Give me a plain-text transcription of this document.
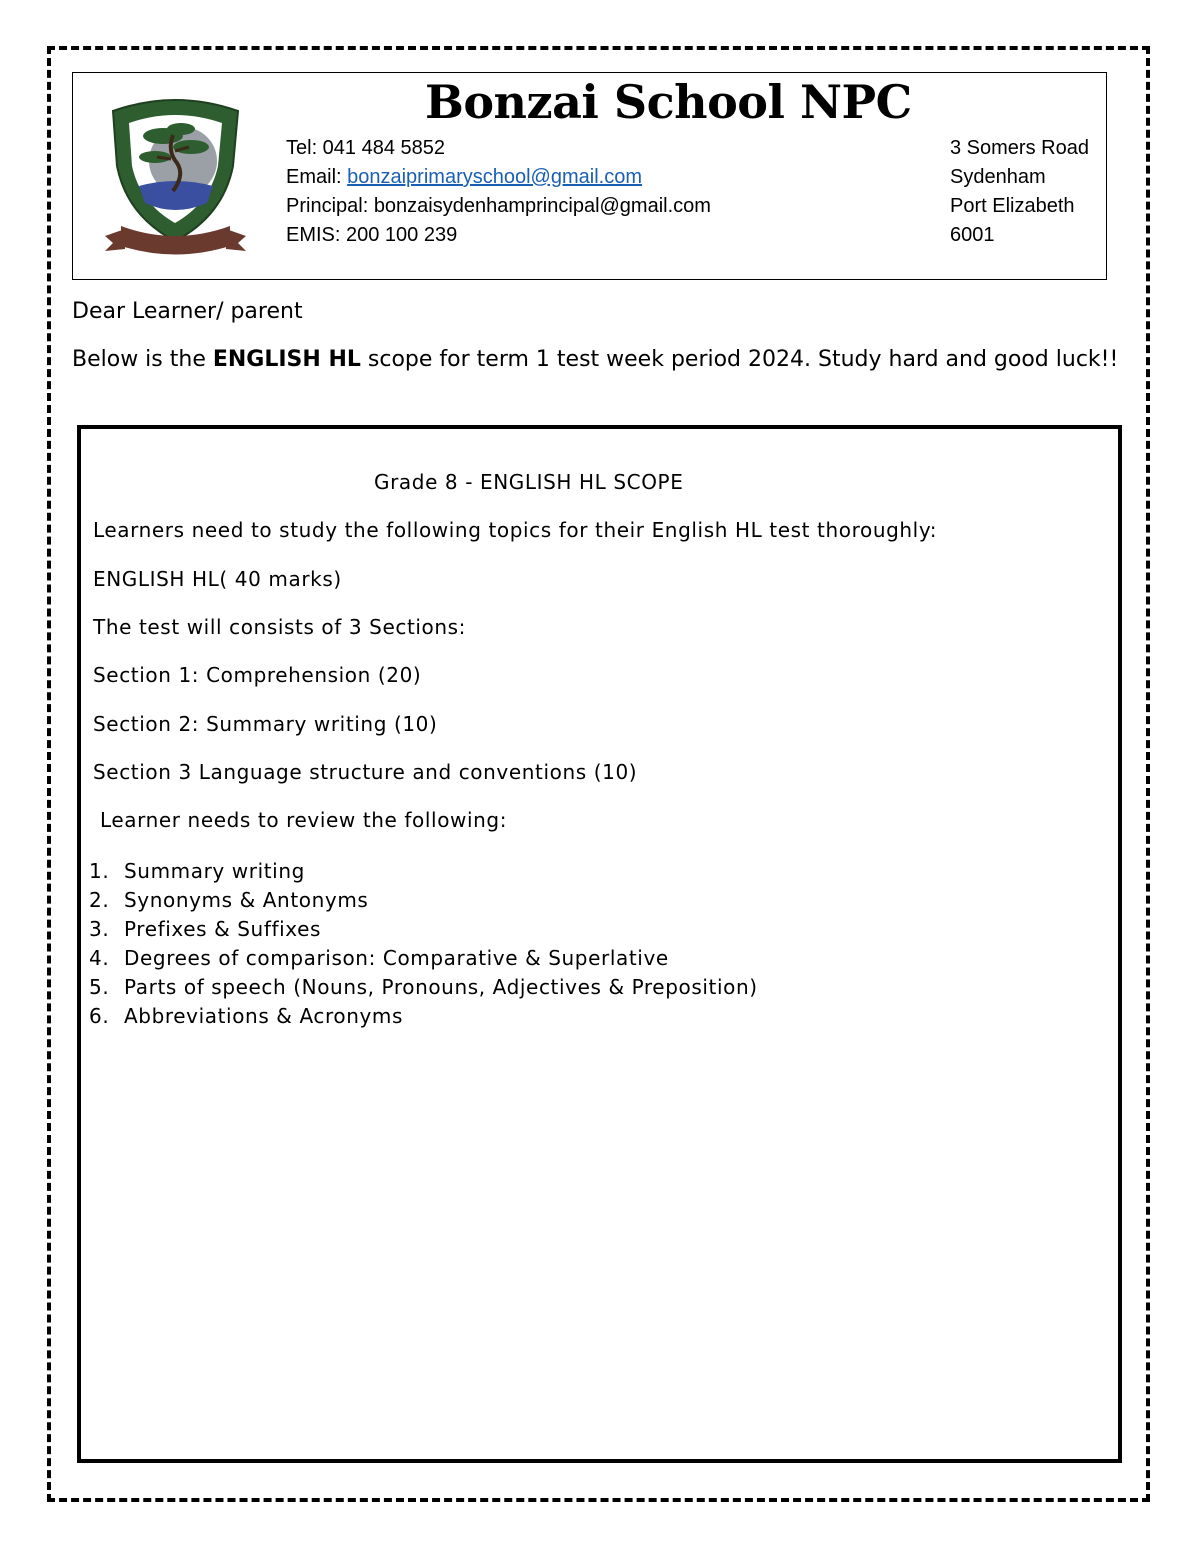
Bonzai School NPC
Tel: 041 484 5852
Email: bonzaiprimaryschool@gmail.com
Principal: bonzaisydenhamprincipal@gmail.com
EMIS: 200 100 239
3 Somers Road
Sydenham
Port Elizabeth
6001
Dear Learner/ parent
Below is the ENGLISH HL scope for term 1 test week period 2024. Study hard and good luck!!
Grade 8 - ENGLISH HL SCOPE
Learners need to study the following topics for their English HL test thoroughly:
ENGLISH HL( 40 marks)
The test will consists of 3 Sections:
Section 1: Comprehension (20)
Section 2: Summary writing (10)
Section 3 Language structure and conventions (10)
Learner needs to review the following:
1. Summary writing
2. Synonyms & Antonyms
3. Prefixes & Suffixes
4. Degrees of comparison: Comparative & Superlative
5. Parts of speech (Nouns, Pronouns, Adjectives & Preposition)
6. Abbreviations & Acronyms
